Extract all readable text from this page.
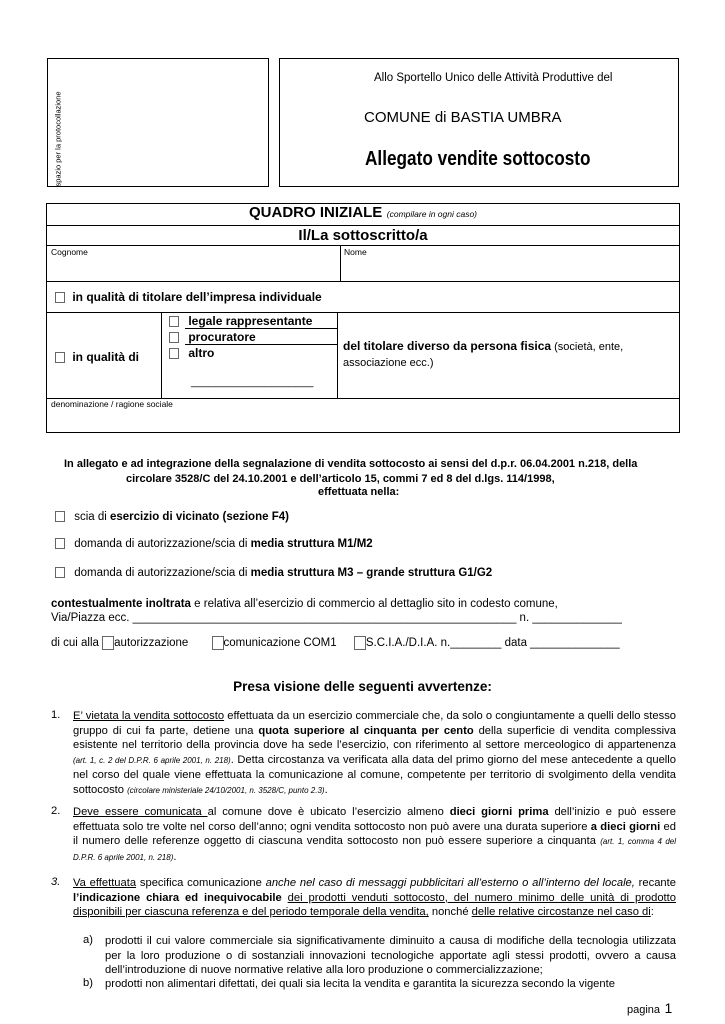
spazio per la protocollazione
Allo Sportello Unico delle Attività Produttive del
COMUNE di BASTIA UMBRA
Allegato vendite sottocosto
QUADRO INIZIALE (compilare in ogni caso)
Il/La sottoscritto/a
Cognome	Nome
in qualità di titolare dell’impresa individuale
in qualità di
legale rappresentante
procuratore
altro
____________________
del titolare diverso da persona fisica (società, ente, associazione ecc.)
denominazione / ragione sociale
In allegato e ad integrazione della segnalazione di vendita sottocosto ai sensi del d.p.r. 06.04.2001 n.218, della
circolare 3528/C del 24.10.2001 e dell’articolo 15, commi 7 ed 8 del d.lgs. 114/1998,
effettuata nella:
scia di esercizio di vicinato (sezione F4)
domanda di autorizzazione/scia di media struttura M1/M2
domanda di autorizzazione/scia di media struttura M3 – grande struttura G1/G2
contestualmente inoltrata e relativa all’esercizio di commercio al dettaglio sito in codesto comune,
Via/Piazza ecc. ____________________________________________________________ n. ______________
di cui alla autorizzazione	comunicazione COM1	S.C.I.A./D.I.A. n.________ data ______________
Presa visione delle seguenti avvertenze:
1. E’ vietata la vendita sottocosto effettuata da un esercizio commerciale che, da solo o congiuntamente a quelli dello stesso gruppo di cui fa parte, detiene una quota superiore al cinquanta per cento della superficie di vendita complessiva esistente nel territorio della provincia dove ha sede l’esercizio, con riferimento al settore merceologico di appartenenza (art. 1, c. 2 del D.P.R. 6 aprile 2001, n. 218). Detta circostanza va verificata alla data del primo giorno del mese antecedente a quello nel corso del quale viene effettuata la comunicazione al comune, competente per territorio di svolgimento della vendita sottocosto (circolare ministeriale 24/10/2001, n. 3528/C, punto 2.3).
2. Deve essere comunicata al comune dove è ubicato l’esercizio almeno dieci giorni prima dell’inizio e può essere effettuata solo tre volte nel corso dell’anno; ogni vendita sottocosto non può avere una durata superiore a dieci giorni ed il numero delle referenze oggetto di ciascuna vendita sottocosto non può essere superiore a cinquanta (art. 1, comma 4 del D.P.R. 6 aprile 2001, n. 218).
3. Va effettuata specifica comunicazione anche nel caso di messaggi pubblicitari all’esterno o all’interno del locale, recante l’indicazione chiara ed inequivocabile dei prodotti venduti sottocosto, del numero minimo delle unità di prodotto disponibili per ciascuna referenza e del periodo temporale della vendita, nonché delle relative circostanze nel caso di:
a) prodotti il cui valore commerciale sia significativamente diminuito a causa di modifiche della tecnologia utilizzata per la loro produzione o di sostanziali innovazioni tecnologiche apportate agli stessi prodotti, ovvero a causa dell’introduzione di nuove normative relative alla loro produzione o commercializzazione;
b) prodotti non alimentari difettati, dei quali sia lecita la vendita e garantita la sicurezza secondo la vigente
pagina 1
